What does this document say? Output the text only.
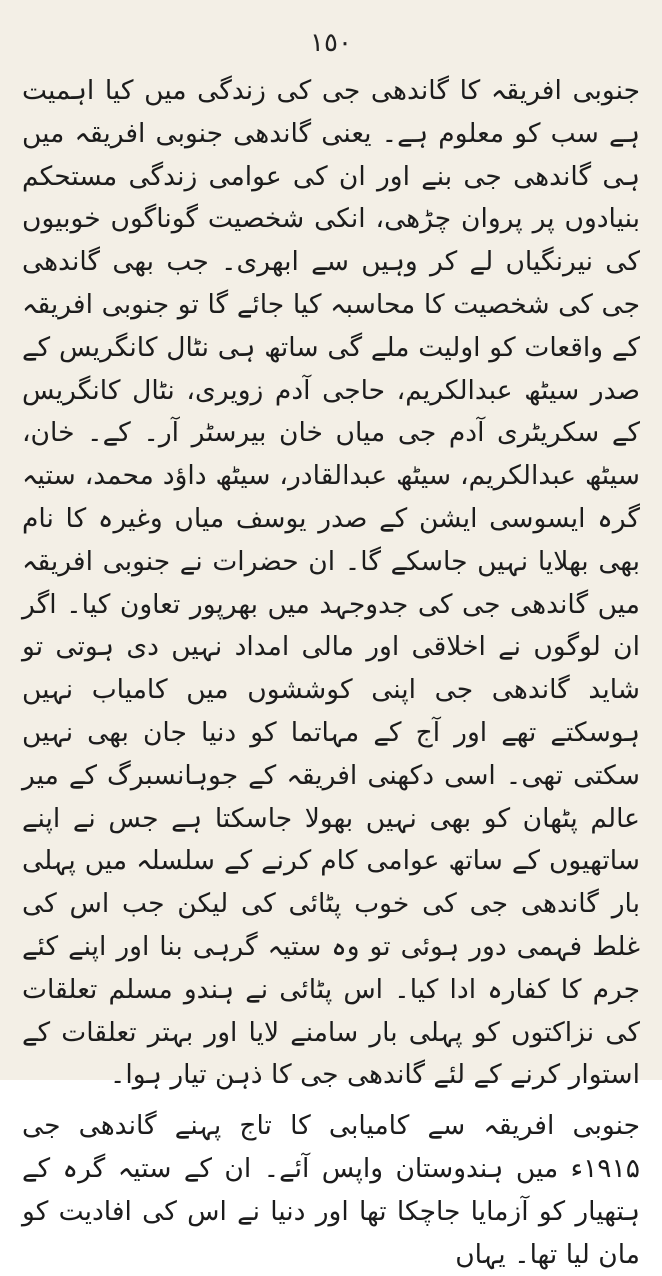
١٥٠

جنوبی افریقہ کا گاندھی جی کی زندگی میں کیا اہمیت ہے سب کو معلوم ہے۔ یعنی گاندھی جنوبی افریقہ میں ہی گاندھی جی بنے اور ان کی عوامی زندگی مستحکم بنیادوں پر پروان چڑھی، انکی شخصیت گوناگوں خوبیوں کی نیرنگیاں لے کر وہیں سے ابھری۔ جب بھی گاندھی جی کی شخصیت کا محاسبہ کیا جائے گا تو جنوبی افریقہ کے واقعات کو اولیت ملے گی ساتھ ہی نٹال کانگریس کے صدر سیٹھ عبدالکریم، حاجی آدم زویری، نٹال کانگریس کے سکریٹری آدم جی میاں خان بیرسٹر آر۔ کے۔ خان، سیٹھ عبدالکریم، سیٹھ عبدالقادر، سیٹھ داؤد محمد، ستیہ گرہ ایسوسی ایشن کے صدر یوسف میاں وغیرہ کا نام بھی بھلایا نہیں جاسکے گا۔ ان حضرات نے جنوبی افریقہ میں گاندھی جی کی جدوجہد میں بھرپور تعاون کیا۔ اگر ان لوگوں نے اخلاقی اور مالی امداد نہیں دی ہوتی تو شاید گاندھی جی اپنی کوششوں میں کامیاب نہیں ہوسکتے تھے اور آج کے مہاتما کو دنیا جان بھی نہیں سکتی تھی۔ اسی دکھنی افریقہ کے جوہانسبرگ کے میر عالم پٹھان کو بھی نہیں بھولا جاسکتا ہے جس نے اپنے ساتھیوں کے ساتھ عوامی کام کرنے کے سلسلہ میں پہلی بار گاندھی جی کی خوب پٹائی کی لیکن جب اس کی غلط فہمی دور ہوئی تو وہ ستیہ گرہی بنا اور اپنے کئے جرم کا کفارہ ادا کیا۔ اس پٹائی نے ہندو مسلم تعلقات کی نزاکتوں کو پہلی بار سامنے لایا اور بہتر تعلقات کے استوار کرنے کے لئے گاندھی جی کا ذہن تیار ہوا۔

جنوبی افریقہ سے کامیابی کا تاج پہنے گاندھی جی ۱۹۱۵ء میں ہندوستان واپس آئے۔ ان کے ستیہ گرہ کے ہتھیار کو آزمایا جاچکا تھا اور دنیا نے اس کی افادیت کو مان لیا تھا۔ یہاں
